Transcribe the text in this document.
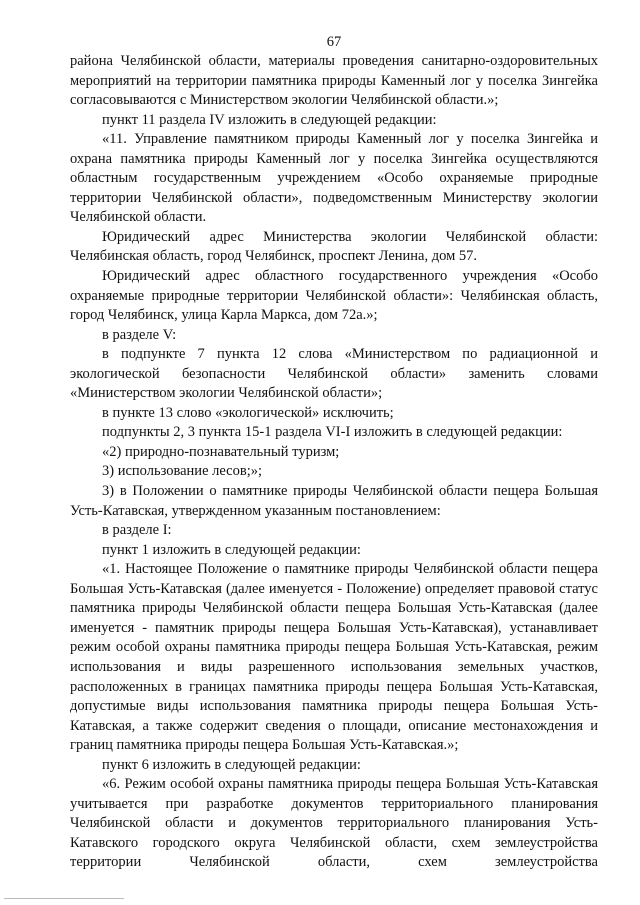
67

района Челябинской области, материалы проведения санитарно-оздоровительных мероприятий на территории памятника природы Каменный лог у поселка Зингейка согласовываются с Министерством экологии Челябинской области.»;

пункт 11 раздела IV изложить в следующей редакции:

«11. Управление памятником природы Каменный лог у поселка Зингейка и охрана памятника природы Каменный лог у поселка Зингейка осуществляются областным государственным учреждением «Особо охраняемые природные территории Челябинской области», подведомственным Министерству экологии Челябинской области.

Юридический адрес Министерства экологии Челябинской области: Челябинская область, город Челябинск, проспект Ленина, дом 57.

Юридический адрес областного государственного учреждения «Особо охраняемые природные территории Челябинской области»: Челябинская область, город Челябинск, улица Карла Маркса, дом 72а.»;

в разделе V:

в подпункте 7 пункта 12 слова «Министерством по радиационной и экологической безопасности Челябинской области» заменить словами «Министерством экологии Челябинской области»;

в пункте 13 слово «экологической» исключить;

подпункты 2, 3 пункта 15-1 раздела VI-I изложить в следующей редакции:

«2) природно-познавательный туризм;

3) использование лесов;»;

3) в Положении о памятнике природы Челябинской области пещера Большая Усть-Катавская, утвержденном указанным постановлением:

в разделе I:

пункт 1 изложить в следующей редакции:

«1. Настоящее Положение о памятнике природы Челябинской области пещера Большая Усть-Катавская (далее именуется - Положение) определяет правовой статус памятника природы Челябинской области пещера Большая Усть-Катавская (далее именуется - памятник природы пещера Большая Усть-Катавская), устанавливает режим особой охраны памятника природы пещера Большая Усть-Катавская, режим использования и виды разрешенного использования земельных участков, расположенных в границах памятника природы пещера Большая Усть-Катавская, допустимые виды использования памятника природы пещера Большая Усть-Катавская, а также содержит сведения о площади, описание местонахождения и границ памятника природы пещера Большая Усть-Катавская.»;

пункт 6 изложить в следующей редакции:

«6. Режим особой охраны памятника природы пещера Большая Усть-Катавская учитывается при разработке документов территориального планирования Челябинской области и документов территориального планирования Усть-Катавского городского округа Челябинской области, схем землеустройства территории Челябинской области, схем землеустройства
